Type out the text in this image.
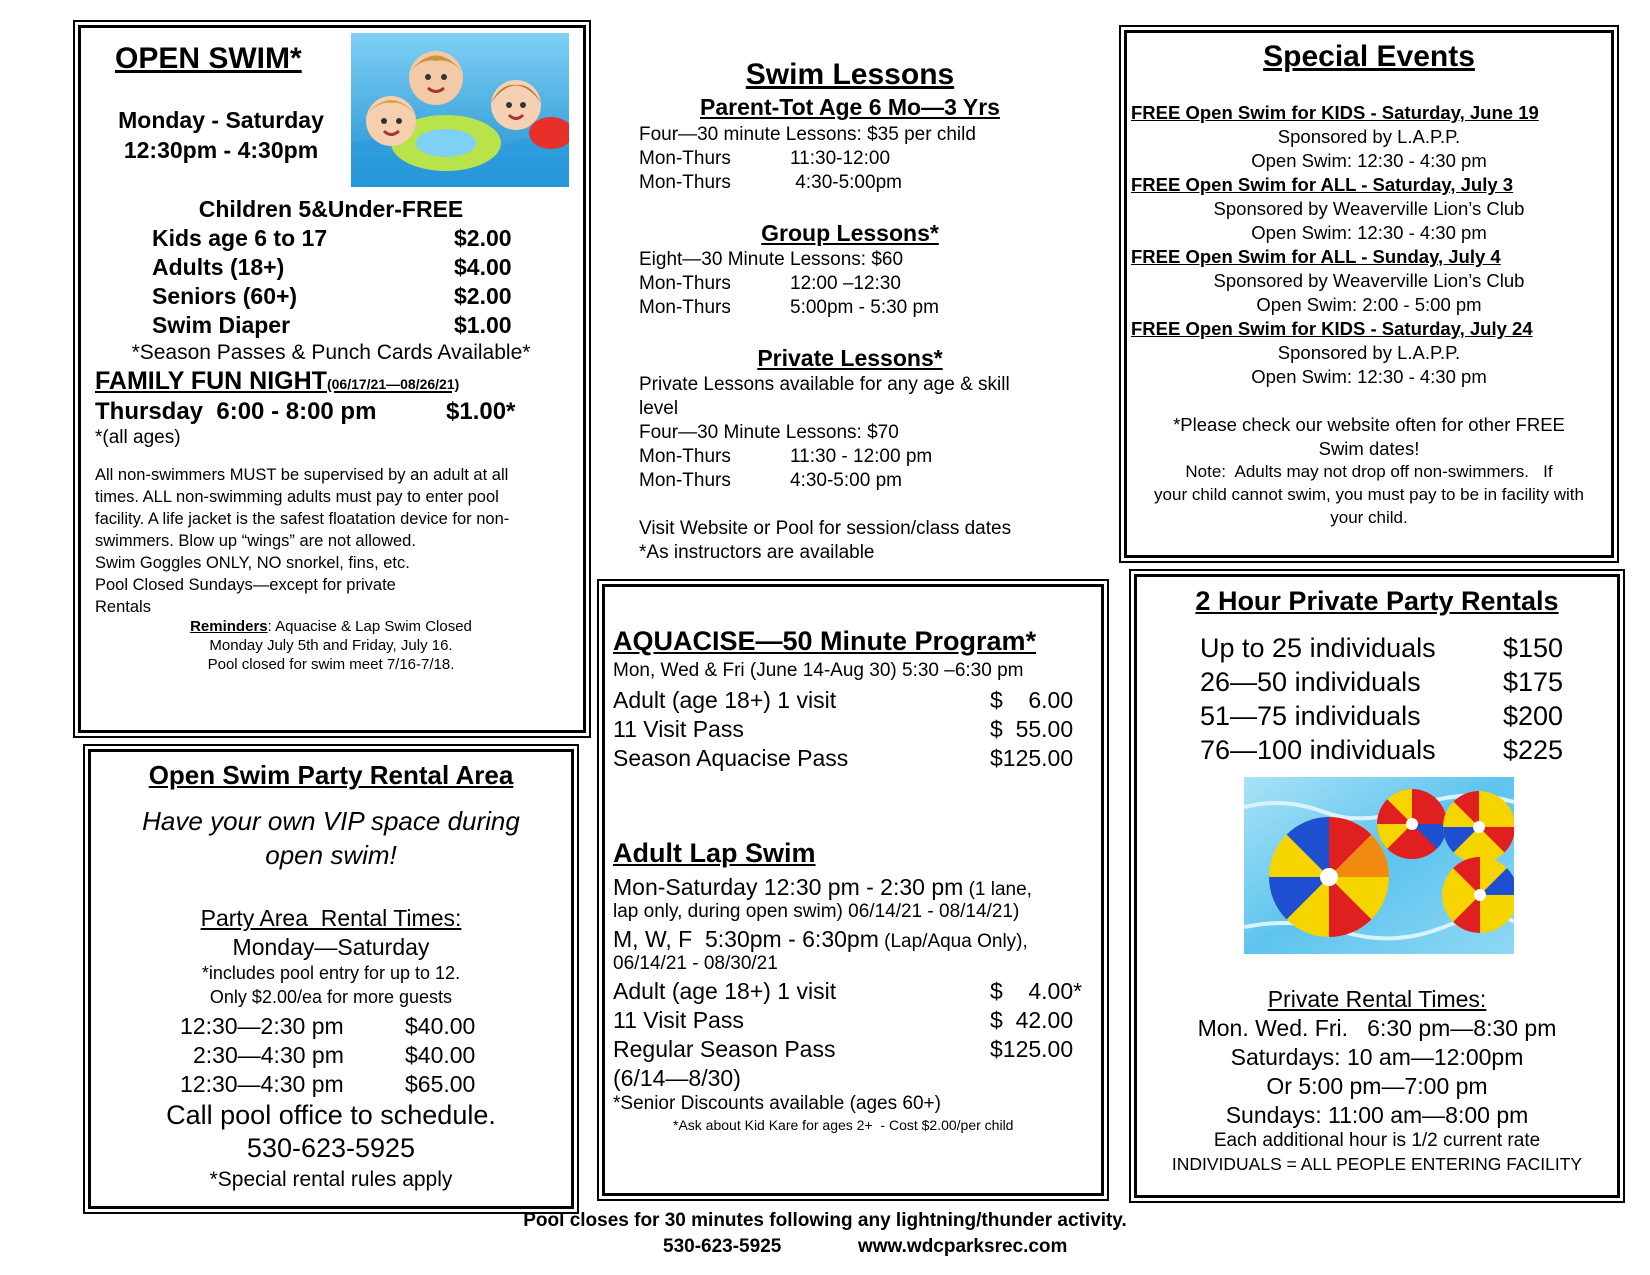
OPEN SWIM*
Monday - Saturday
12:30pm - 4:30pm
Children 5&Under-FREE
Kids age 6 to 17	$2.00
Adults (18+)	$4.00
Seniors (60+)	$2.00
Swim Diaper	$1.00
*Season Passes & Punch Cards Available*
FAMILY FUN NIGHT(06/17/21—08/26/21)
Thursday  6:00 - 8:00 pm	$1.00*
*(all ages)
All non-swimmers MUST be supervised by an adult at all
times. ALL non-swimming adults must pay to enter pool
facility. A life jacket is the safest floatation device for non-
swimmers. Blow up “wings” are not allowed.
Swim Goggles ONLY, NO snorkel, fins, etc.
Pool Closed Sundays—except for private
Rentals
Reminders: Aquacise & Lap Swim Closed
Monday July 5th and Friday, July 16.
Pool closed for swim meet 7/16-7/18.
Swim Lessons
Parent-Tot Age 6 Mo—3 Yrs
Four—30 minute Lessons: $35 per child
Mon-Thurs	11:30-12:00
Mon-Thurs	4:30-5:00pm
Group Lessons*
Eight—30 Minute Lessons: $60
Mon-Thurs	12:00 –12:30
Mon-Thurs	5:00pm - 5:30 pm
Private Lessons*
Private Lessons available for any age & skill
level
Four—30 Minute Lessons: $70
Mon-Thurs	11:30 - 12:00 pm
Mon-Thurs	4:30-5:00 pm
Visit Website or Pool for session/class dates
*As instructors are available
Special Events
FREE Open Swim for KIDS - Saturday, June 19
Sponsored by L.A.P.P.
Open Swim: 12:30 - 4:30 pm
FREE Open Swim for ALL - Saturday, July 3
Sponsored by Weaverville Lion’s Club
Open Swim: 12:30 - 4:30 pm
FREE Open Swim for ALL - Sunday, July 4
Sponsored by Weaverville Lion’s Club
Open Swim: 2:00 - 5:00 pm
FREE Open Swim for KIDS - Saturday, July 24
Sponsored by L.A.P.P.
Open Swim: 12:30 - 4:30 pm
*Please check our website often for other FREE
Swim dates!
Note:  Adults may not drop off non-swimmers.   If
your child cannot swim, you must pay to be in facility with
your child.
Open Swim Party Rental Area
Have your own VIP space during
open swim!
Party Area  Rental Times:
Monday—Saturday
*includes pool entry for up to 12.
Only $2.00/ea for more guests
12:30—2:30 pm	$40.00
2:30—4:30 pm	$40.00
12:30—4:30 pm	$65.00
Call pool office to schedule.
530-623-5925
*Special rental rules apply
AQUACISE—50 Minute Program*
Mon, Wed & Fri (June 14-Aug 30) 5:30 –6:30 pm
Adult (age 18+) 1 visit	$    6.00
11 Visit Pass	$  55.00
Season Aquacise Pass	$125.00
Adult Lap Swim
Mon-Saturday 12:30 pm - 2:30 pm (1 lane,
lap only, during open swim) 06/14/21 - 08/14/21)
M, W, F  5:30pm - 6:30pm (Lap/Aqua Only),
06/14/21 - 08/30/21
Adult (age 18+) 1 visit	$    4.00*
11 Visit Pass	$  42.00
Regular Season Pass	$125.00
(6/14—8/30)
*Senior Discounts available (ages 60+)
*Ask about Kid Kare for ages 2+  - Cost $2.00/per child
2 Hour Private Party Rentals
Up to 25 individuals $150
26—50 individuals	$175
51—75 individuals	$200
76—100 individuals $225
Private Rental Times:
Mon. Wed. Fri.   6:30 pm—8:30 pm
Saturdays: 10 am—12:00pm
Or 5:00 pm—7:00 pm
Sundays: 11:00 am—8:00 pm
Each additional hour is 1/2 current rate
INDIVIDUALS = ALL PEOPLE ENTERING FACILITY
Pool closes for 30 minutes following any lightning/thunder activity.
530-623-5925	www.wdcparksrec.com
